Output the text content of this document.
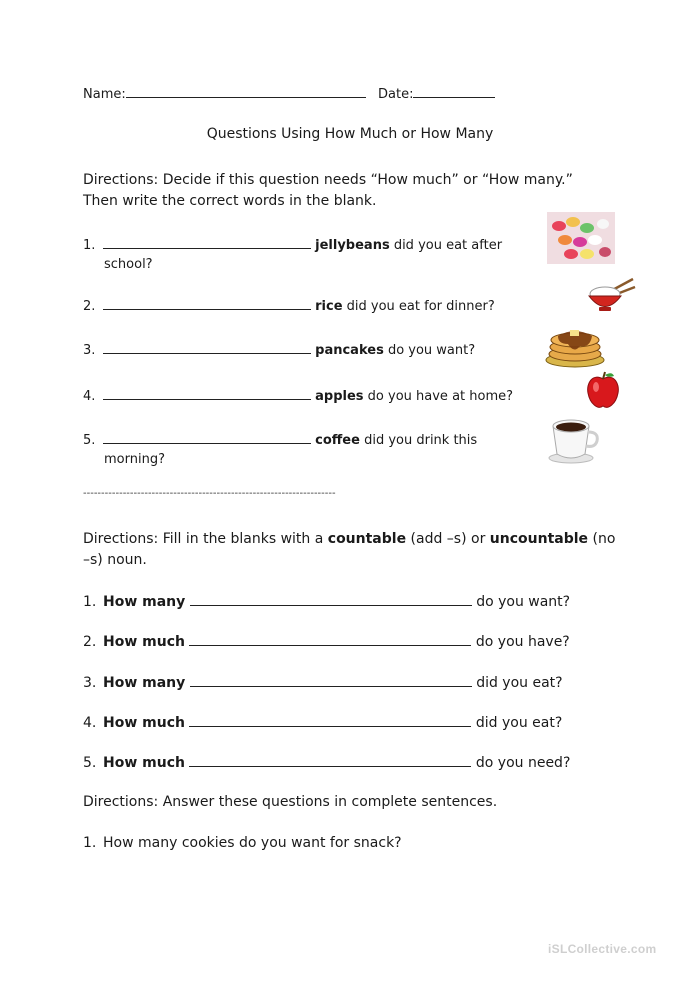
Name:	Date:
Questions Using How Much or How Many
Directions: Decide if this question needs “How much” or “How many.” Then write the correct words in the blank.
1.	jellybeans did you eat after
school?
2.	rice did you eat for dinner?
3.	pancakes do you want?
4.	apples do you have at home?
5.	coffee did you drink this
morning?
----------------------------------------------------------------------
Directions: Fill in the blanks with a countable (add –s) or uncountable (no –s) noun.
1. How many	do you want?
2. How much	do you have?
3. How many	did you eat?
4. How much	did you eat?
5. How much	do you need?
Directions: Answer these questions in complete sentences.
1. How many cookies do you want for snack?
iSLCollective.com
